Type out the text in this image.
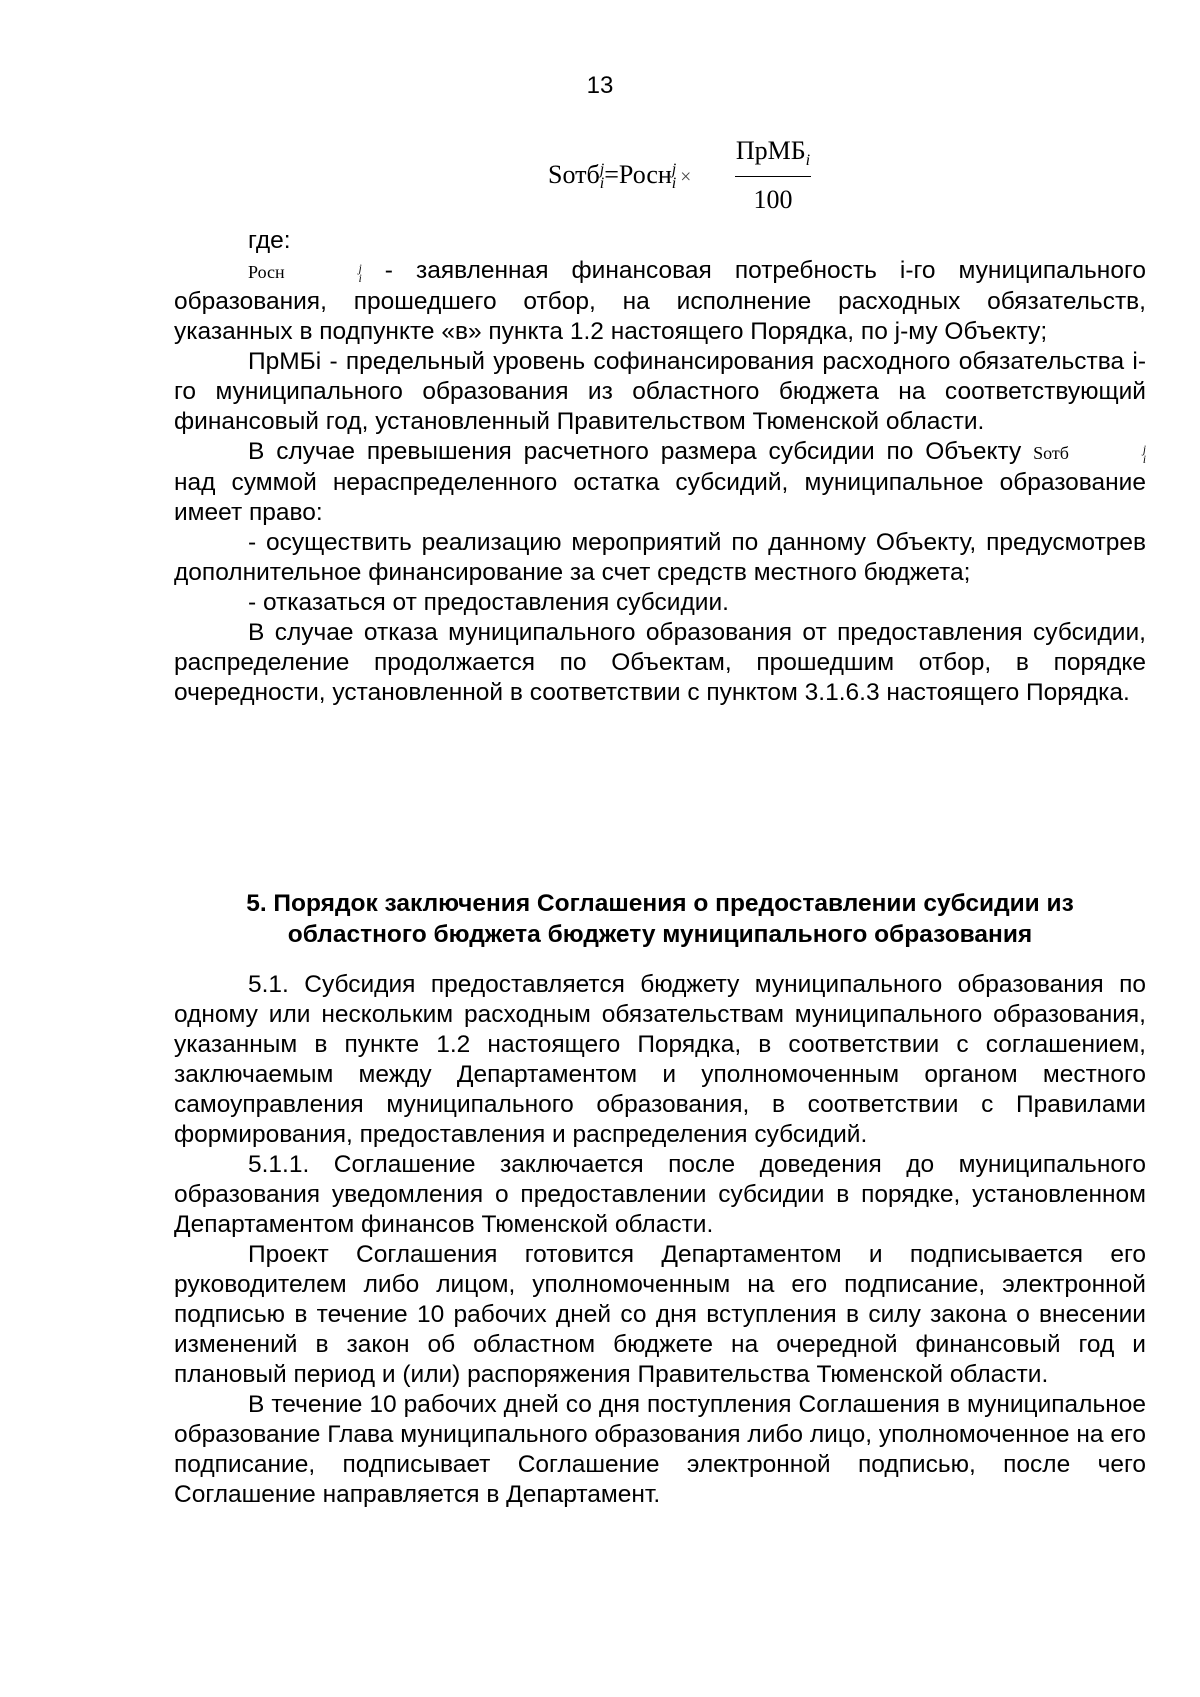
13
Sотб j
i =Росн j
i ×
ПрМБ$_i$
100

где:

Росн	j
i - заявленная финансовая потребность i-го муниципального образования, прошедшего отбор, на исполнение расходных обязательств, указанных в подпункте «в» пункта 1.2 настоящего Порядка, по j-му Объекту;

ПрМБi - предельный уровень софинансирования расходного обязательства i-го муниципального образования из областного бюджета на соответствующий финансовый год, установленный Правительством Тюменской области.

В случае превышения расчетного размера субсидии по Объекту Sотб	j
i
над суммой нераспределенного остатка субсидий, муниципальное образование имеет право:

- осуществить реализацию мероприятий по данному Объекту, предусмотрев дополнительное финансирование за счет средств местного бюджета;

- отказаться от предоставления субсидии.

В случае отказа муниципального образования от предоставления субсидии, распределение продолжается по Объектам, прошедшим отбор, в порядке очередности, установленной в соответствии с пунктом 3.1.6.3 настоящего Порядка.

5. Порядок заключения Соглашения о предоставлении субсидии из
областного бюджета бюджету муниципального образования

5.1. Субсидия предоставляется бюджету муниципального образования по одному или нескольким расходным обязательствам муниципального образования, указанным в пункте 1.2 настоящего Порядка, в соответствии с соглашением, заключаемым между Департаментом и уполномоченным органом местного самоуправления муниципального образования, в соответствии с Правилами формирования, предоставления и распределения субсидий.

5.1.1. Соглашение заключается после доведения до муниципального образования уведомления о предоставлении субсидии в порядке, установленном Департаментом финансов Тюменской области.

Проект Соглашения готовится Департаментом и подписывается его руководителем либо лицом, уполномоченным на его подписание, электронной подписью в течение 10 рабочих дней со дня вступления в силу закона о внесении изменений в закон об областном бюджете на очередной финансовый год и плановый период и (или) распоряжения Правительства Тюменской области.

В течение 10 рабочих дней со дня поступления Соглашения в муниципальное образование Глава муниципального образования либо лицо, уполномоченное на его подписание, подписывает Соглашение электронной подписью, после чего Соглашение направляется в Департамент.
